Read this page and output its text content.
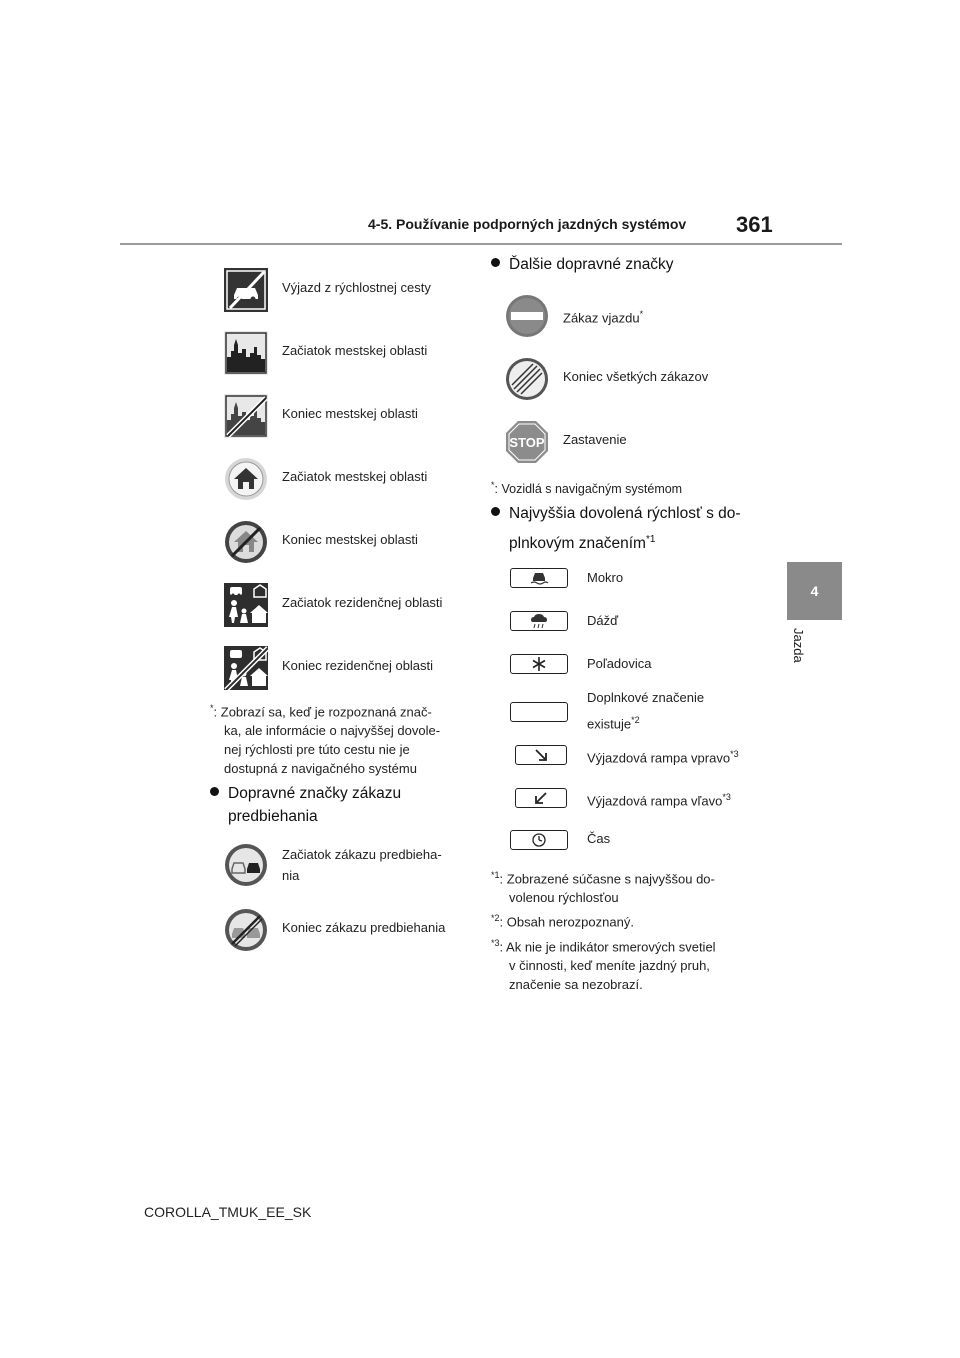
4-5. Používanie podporných jazdných systémov 361
4
Jazda
Výjazd z rýchlostnej cesty
Začiatok mestskej oblasti
Koniec mestskej oblasti
Začiatok mestskej oblasti
Koniec mestskej oblasti
Začiatok rezidenčnej oblasti
Koniec rezidenčnej oblasti
*: Zobrazí sa, keď je rozpoznaná znač-
ka, ale informácie o najvyššej dovole-
nej rýchlosti pre túto cestu nie je
dostupná z navigačného systému
Dopravné značky zákazu
predbiehania
Začiatok zákazu predbieha-
nia
Koniec zákazu predbiehania
Ďalšie dopravné značky
Zákaz vjazdu*
Koniec všetkých zákazov
STOP Zastavenie
*: Vozidlá s navigačným systémom
Najvyššia dovolená rýchlosť s do-
plnkovým značením$^{*1}$
Mokro
Dážď
Poľadovica
Doplnkové značenie
existuje$^{*2}$
Výjazdová rampa vpravo$^{*3}$
Výjazdová rampa vľavo$^{*3}$
Čas
$^{*1}$: Zobrazené súčasne s najvyššou do-
volenou rýchlosťou
$^{*2}$: Obsah nerozpoznaný.
$^{*3}$: Ak nie je indikátor smerových svetiel
v činnosti, keď meníte jazdný pruh,
značenie sa nezobrazí.
COROLLA_TMUK_EE_SK
